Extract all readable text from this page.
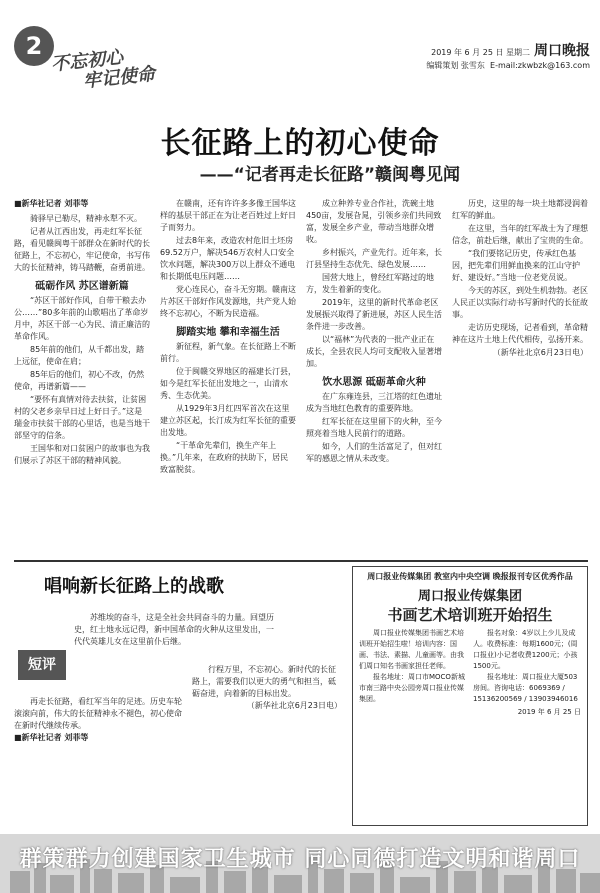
2
不忘初心
牢记使命
2019 年 6 月 25 日 星期二 周口晚报
编辑策划 张雪东 E-mail:zkwbzk@163.com
长征路上的初心使命
——“记者再走长征路”赣闽粤见闻
■新华社记者 刘菲等

骑驿早已勒尽，精神永犁不灭。

记者从江西出发，再走红军长征路，看见赣闽粤干部群众在新时代的长征路上，不忘初心，牢记使命，书写伟大的长征精神，铸马踏鞭，奋勇前进。

砥砺作风 苏区谱新篇

“苏区干部好作风，自带干粮去办公……”80多年前的山歌唱出了革命岁月中，苏区干部一心为民、清正廉洁的革命作风。

85年前的他们，从千都出发，踏上远征，使命在肩；

85年后的他们，初心不改，仍然使命，再谱新篇——

“要怀有真情对待去扶贫，让贫困村的父老乡亲早日过上好日子。”这是瑞金市扶贫干部的心里话，也是当地干部坚守的信条。

王国华和对口贫困户的故事也为我们展示了苏区干部的精神风貌。

在赣南，还有许许多多像王国华这样的基层干部正在为让老百姓过上好日子而努力。

过去8年来，改造农村危旧土坯房69.52万户，解决546万农村人口安全饮水问题，解决300万以上群众不通电和长期低电压问题……

党心连民心，奋斗无穷期。赣南这片苏区干部好作风发源地，共产党人始终不忘初心，不断为民造福。

脚踏实地 攀和幸福生活

新征程，新气象。在长征路上不断前行。

位于闽赣交界地区的福建长汀县，如今是红军长征出发地之一，山清水秀、生态优美。

从1929年3月红四军首次在这里建立苏区起，长汀成为红军长征的重要出发地。

“干革命先辈们，换生产年上换。”几年来，在政府的扶助下，居民致富脱贫。

成立种养专业合作社，洗碗土地450亩，发展旮晁，引领乡亲们共同致富，发展全乡产业，带动当地群众增收。

乡村振兴，产业先行。近年来，长汀县坚持生态优先、绿色发展……

国营大地上，曾经红军路过的地方，发生着新的变化。

2019年，这里的新时代革命老区发展振兴取得了新进展，苏区人民生活条件进一步改善。

以“福林”为代表的一批产业正在成长，全县农民人均可支配收入显著增加。

饮水思源 砥砺革命火种

在广东雍连县，三江塔的红色遗址成为当地红色教育的重要阵地。

红军长征在这里留下的火种，至今照亮着当地人民前行的道路。

如今，人们的生活富足了，但对红军的感恩之情从未改变。

历史，这里的每一块土地都浸润着红军的鲜血。

在这里，当年的红军战士为了理想信念，前赴后继，献出了宝贵的生命。

“我们要铭记历史，传承红色基因，把先辈们用鲜血换来的江山守护好、建设好。”当地一位老党员说。

今天的苏区，到处生机勃勃。老区人民正以实际行动书写新时代的长征故事。

走访历史现场，记者看到，革命精神在这片土地上代代相传，弘扬开来。

（新华社北京6月23日电）

唱响新长征路上的战歌

苏维埃的奋斗，这是全社会共同奋斗的力量。回望历史，红土地永远记得，新中国革命的火种从这里发出，一代代英雄儿女在这里前仆后继。

再走长征路，看红军当年的足迹。历史车轮滚滚向前，伟大的长征精神永不褪色，初心使命在新时代继续传承。

■新华社记者 刘菲等

行程万里，不忘初心。新时代的长征路上，需要我们以更大的勇气和担当，砥砺奋进，向着新的目标出发。

（新华社北京6月23日电）
短评
周口报业传媒集团 教室内中央空调 晚报报刊专区优秀作品
周口报业传媒集团
书画艺术培训班开始招生

周口报业传媒集团书画艺术培训班开始招生啦！培训内容：国画、书法、素描、儿童画等。由我们周口知名书画家担任老师。

报名地址：周口市MOCO新城市南三路中央公园旁周口报业传媒集团。

报名对象：4岁以上少儿及成人。收费标准：每期1600元；(周口报业)小记者收费1200元；小孩1500元。

报名地址：周口报业大厦503房间。咨询电话：6069369 / 15136200569 / 13903946016

2019 年 6 月 25 日
群策群力创建国家卫生城市 同心同德打造文明和谐周口
